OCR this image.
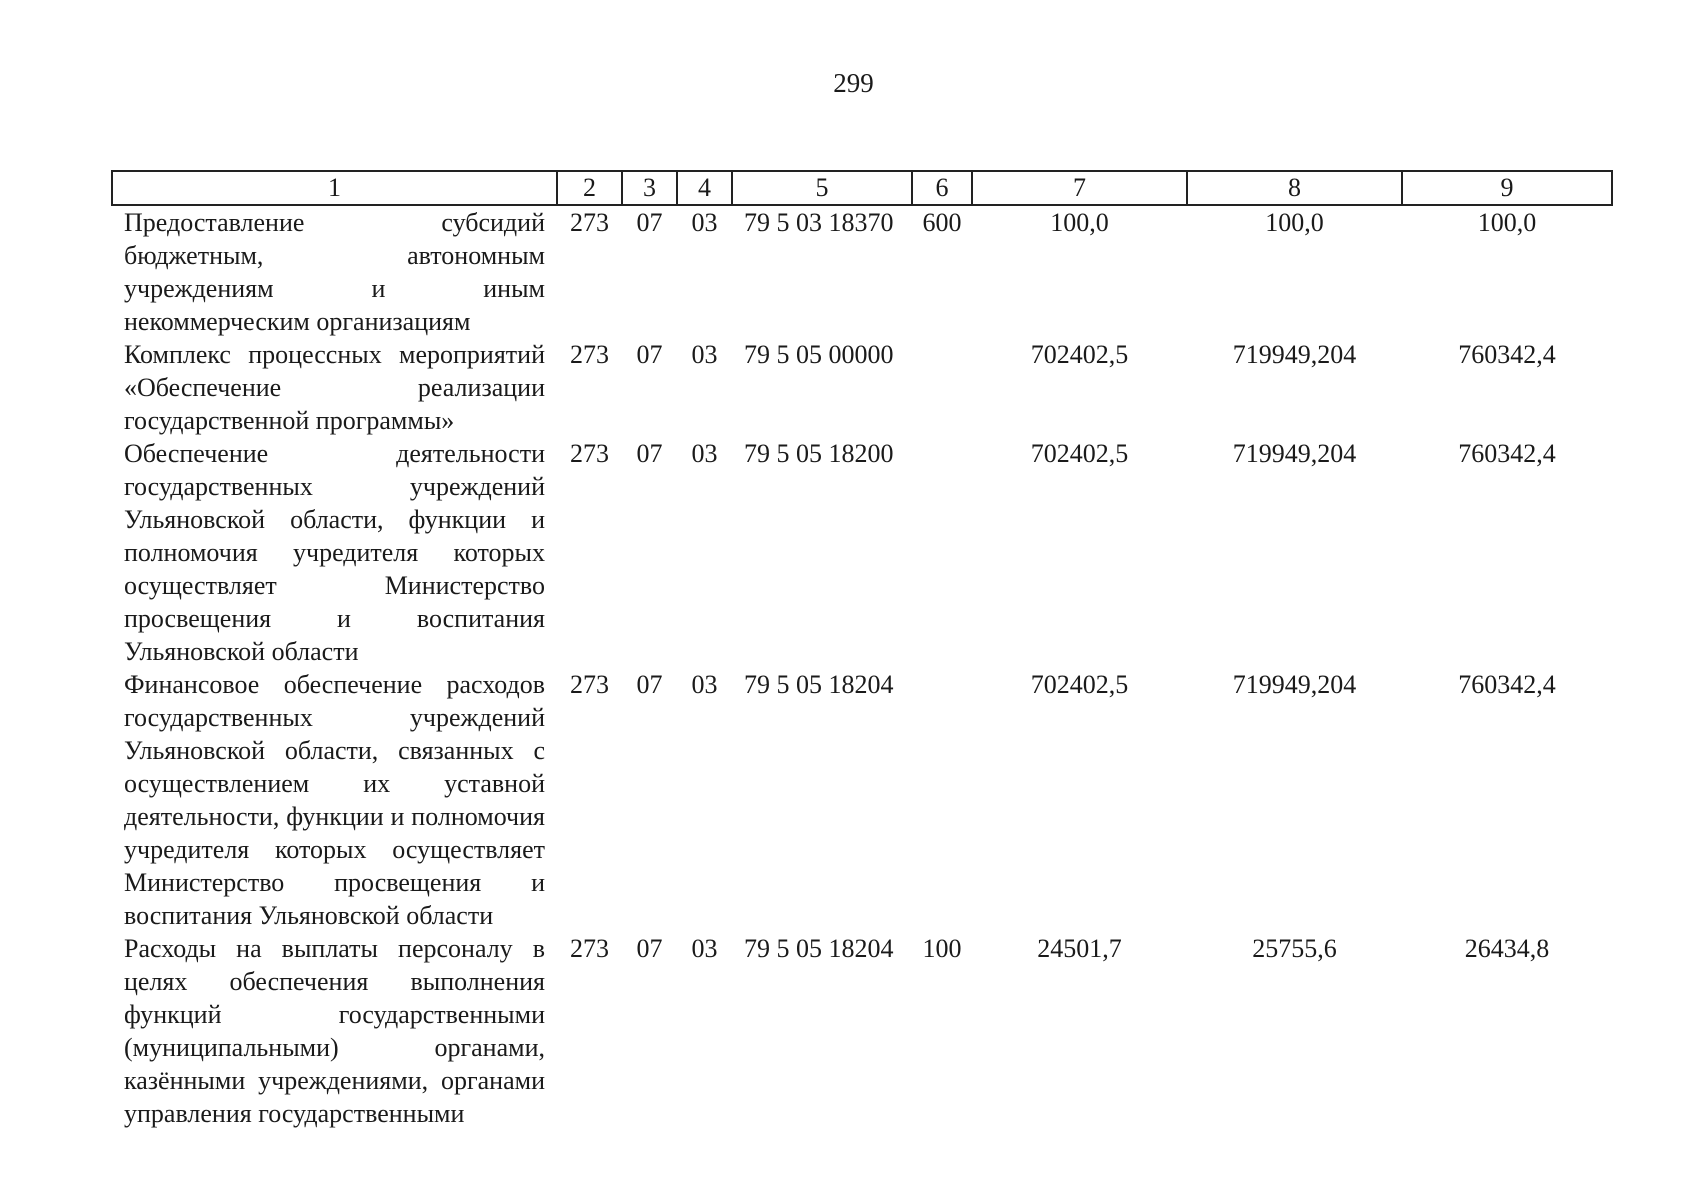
299
1	2	3	4	5	6	7	8	9
Предоставление субсидий бюджетным, автономным учреждениям и иным некоммерческим организациям	273	07	03	79 5 03 18370	600	100,0	100,0	100,0
Комплекс процессных мероприятий «Обеспечение реализации государственной программы»	273	07	03	79 5 05 00000		702402,5	719949,204	760342,4
Обеспечение деятельности государственных учреждений Ульяновской области, функции и полномочия учредителя которых осуществляет Министерство просвещения и воспитания Ульяновской области	273	07	03	79 5 05 18200		702402,5	719949,204	760342,4
Финансовое обеспечение расходов государственных учреждений Ульяновской области, связанных с осуществлением их уставной деятельности, функции и полномочия учредителя которых осуществляет Министерство просвещения и воспитания Ульяновской области	273	07	03	79 5 05 18204		702402,5	719949,204	760342,4
Расходы на выплаты персоналу в целях обеспечения выполнения функций государственными (муниципальными) органами, казёнными учреждениями, органами управления государственными	273	07	03	79 5 05 18204	100	24501,7	25755,6	26434,8
